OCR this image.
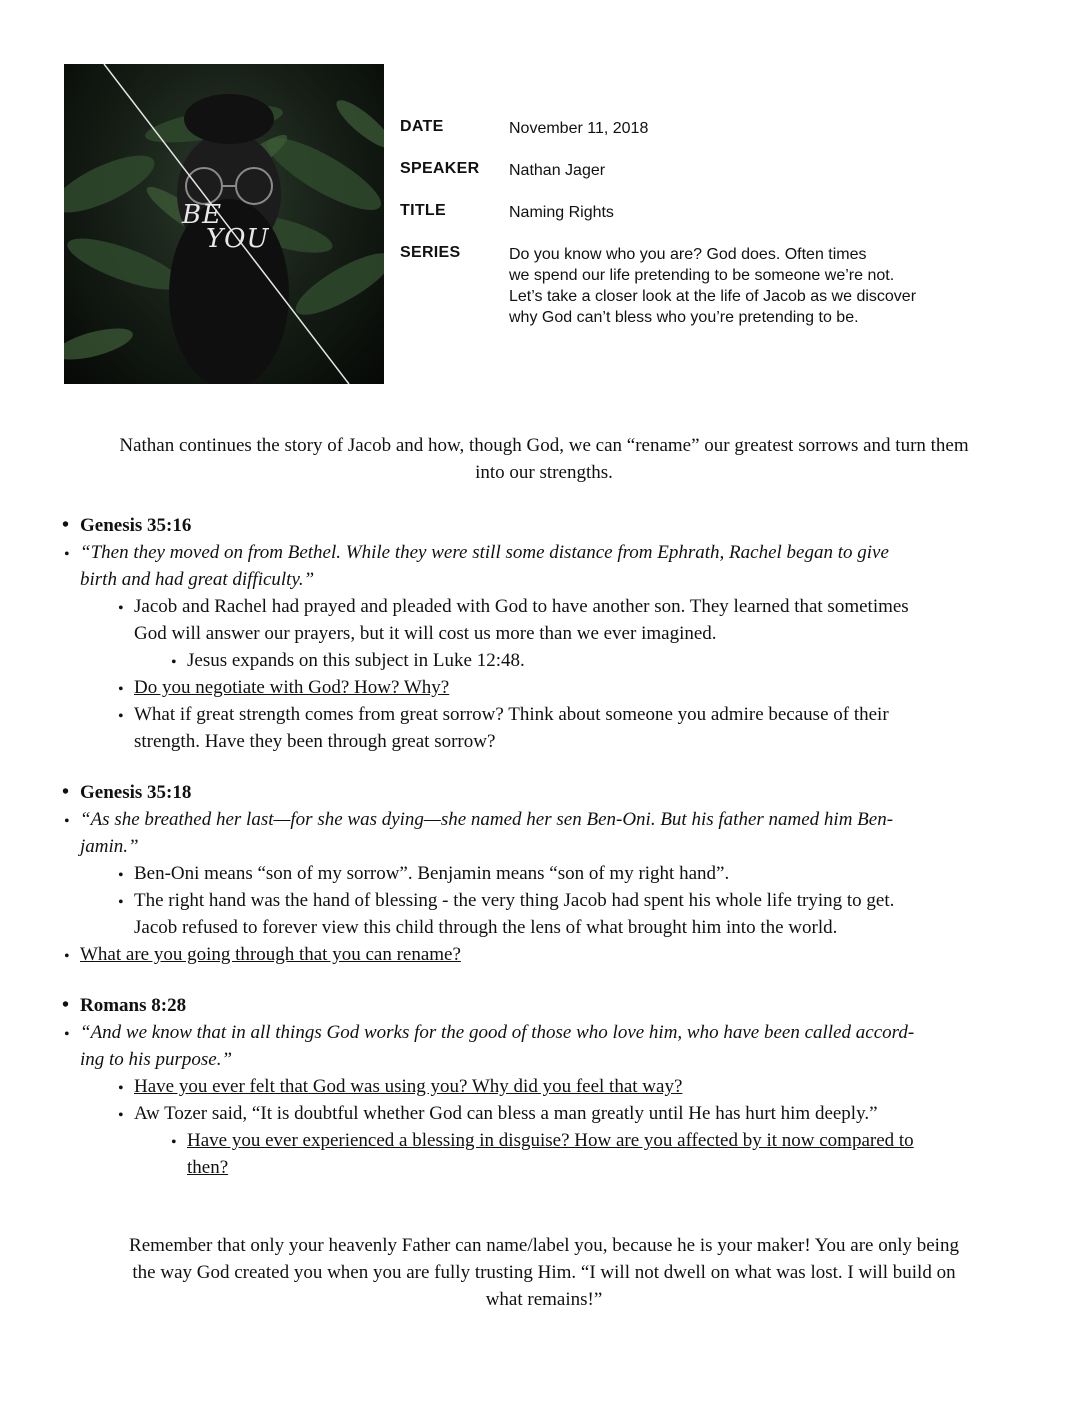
BE
YOU
DATE	November 11, 2018
SPEAKER Nathan Jager
TITLE	Naming Rights
SERIES	Do you know who you are? God does. Often times
we spend our life pretending to be someone we’re not.
Let’s take a closer look at the life of Jacob as we discover
why God can’t bless who you’re pretending to be.
Nathan continues the story of Jacob and how, though God, we can “rename” our greatest sorrows and turn them
into our strengths.
• Genesis 35:16
• “Then they moved on from Bethel. While they were still some distance from Ephrath, Rachel began to give
birth and had great difficulty.”
• Jacob and Rachel had prayed and pleaded with God to have another son. They learned that sometimes
God will answer our prayers, but it will cost us more than we ever imagined.
• Jesus expands on this subject in Luke 12:48.
• Do you negotiate with God? How? Why?
• What if great strength comes from great sorrow? Think about someone you admire because of their
strength. Have they been through great sorrow?
• Genesis 35:18
• “As she breathed her last—for she was dying—she named her sen Ben-Oni. But his father named him Ben-
jamin.”
• Ben-Oni means “son of my sorrow”. Benjamin means “son of my right hand”.
• The right hand was the hand of blessing - the very thing Jacob had spent his whole life trying to get.
Jacob refused to forever view this child through the lens of what brought him into the world.
• What are you going through that you can rename?
• Romans 8:28
• “And we know that in all things God works for the good of those who love him, who have been called accord-
ing to his purpose.”
• Have you ever felt that God was using you? Why did you feel that way?
• Aw Tozer said, “It is doubtful whether God can bless a man greatly until He has hurt him deeply.”
• Have you ever experienced a blessing in disguise? How are you affected by it now compared to
then?
Remember that only your heavenly Father can name/label you, because he is your maker! You are only being
the way God created you when you are fully trusting Him. “I will not dwell on what was lost. I will build on
what remains!”
